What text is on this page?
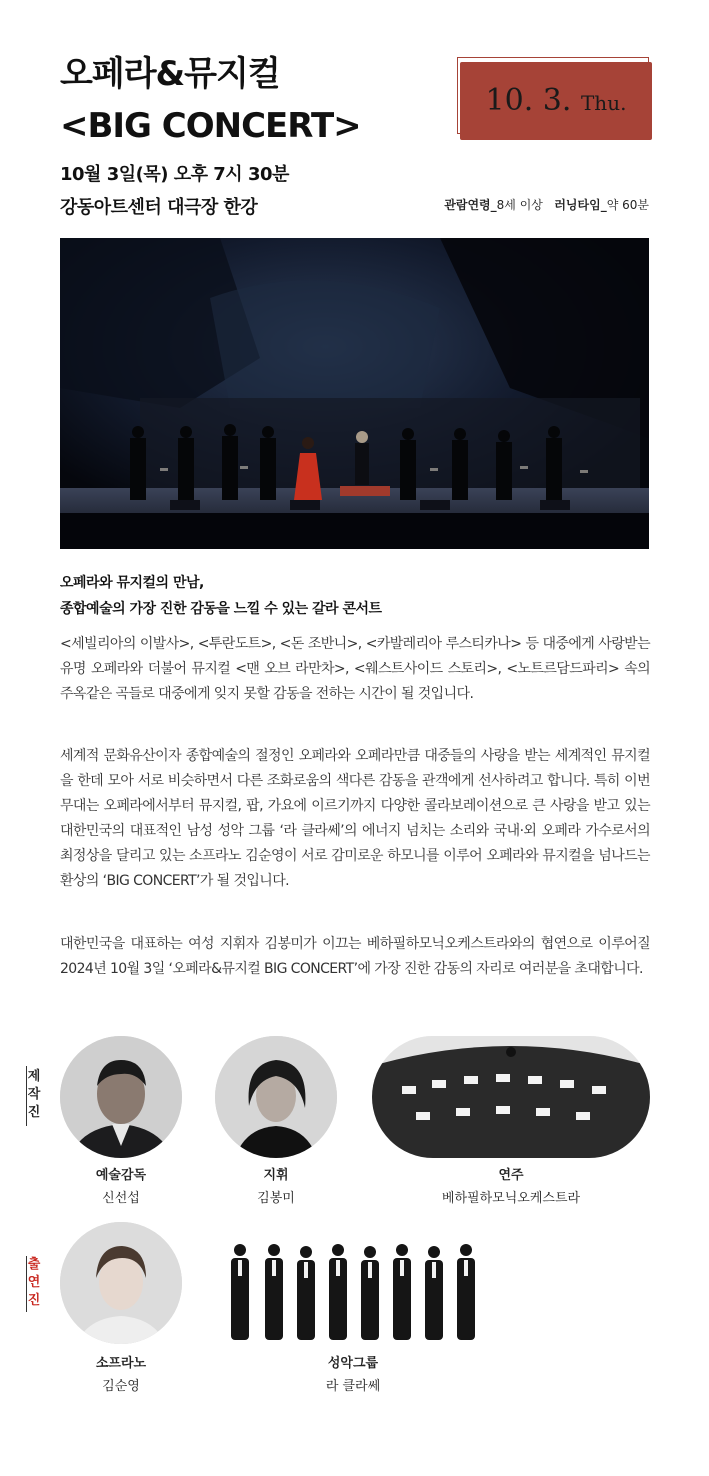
오페라&뮤지컬
<BIG CONCERT>
10. 3. Thu.
10월 3일(목) 오후 7시 30분
강동아트센터 대극장 한강	관람연령_8세 이상 러닝타임_약 60분
오페라와 뮤지컬의 만남,
종합예술의 가장 진한 감동을 느낄 수 있는 갈라 콘서트
<세빌리아의 이발사>, <투란도트>, <돈 조반니>, <카발레리아 루스티카나> 등 대중에게 사랑받는 유명 오페라와 더불어 뮤지컬 <맨 오브 라만차>, <웨스트사이드 스토리>, <노트르담드파리> 속의 주옥같은 곡들로 대중에게 잊지 못할 감동을 전하는 시간이 될 것입니다.
세계적 문화유산이자 종합예술의 절정인 오페라와 오페라만큼 대중들의 사랑을 받는 세계적인 뮤지컬을 한데 모아 서로 비슷하면서 다른 조화로움의 색다른 감동을 관객에게 선사하려고 합니다. 특히 이번 무대는 오페라에서부터 뮤지컬, 팝, 가요에 이르기까지 다양한 콜라보레이션으로 큰 사랑을 받고 있는 대한민국의 대표적인 남성 성악 그룹 ‘라 클라쎄’의 에너지 넘치는 소리와 국내·외 오페라 가수로서의 최정상을 달리고 있는 소프라노 김순영이 서로 감미로운 하모니를 이루어 오페라와 뮤지컬을 넘나드는 환상의 ‘BIG CONCERT’가 될 것입니다.
대한민국을 대표하는 여성 지휘자 김봉미가 이끄는 베하필하모닉오케스트라와의 협연으로 이루어질 2024년 10월 3일 ‘오페라&뮤지컬 BIG CONCERT’에 가장 진한 감동의 자리로 여러분을 초대합니다.
제작진
예술감독
신선섭
지휘
김봉미
연주
베하필하모닉오케스트라
출연진
소프라노
김순영
성악그룹
라 클라쎄
